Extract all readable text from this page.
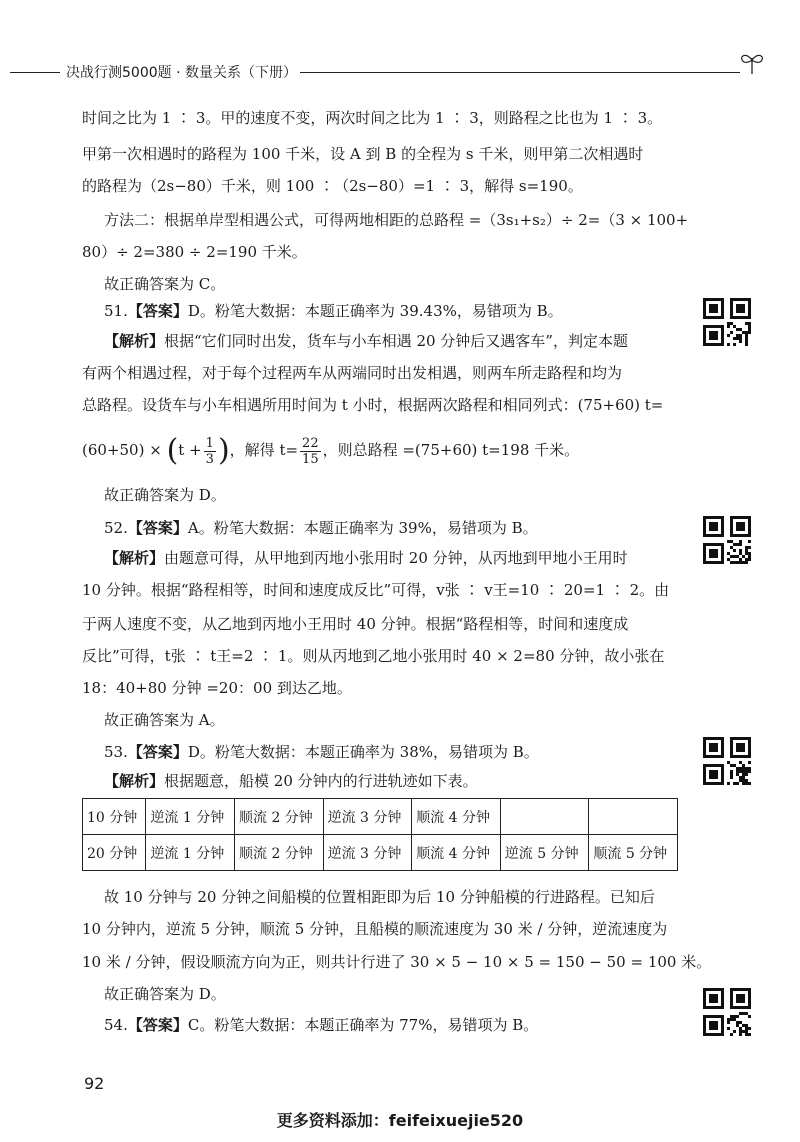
决战行测5000题 · 数量关系（下册）
时间之比为 1 ∶ 3。甲的速度不变，两次时间之比为 1 ∶ 3，则路程之比也为 1 ∶ 3。
甲第一次相遇时的路程为 100 千米，设 A 到 B 的全程为 s 千米，则甲第二次相遇时
的路程为（2s−80）千米，则 100 ∶（2s−80）=1 ∶ 3，解得 s=190。
方法二：根据单岸型相遇公式，可得两地相距的总路程 =（3s₁+s₂）÷ 2=（3 × 100+
80）÷ 2=380 ÷ 2=190 千米。
故正确答案为 C。
51.【答案】D。粉笔大数据：本题正确率为 39.43%，易错项为 B。
【解析】根据“它们同时出发，货车与小车相遇 20 分钟后又遇客车”，判定本题
有两个相遇过程，对于每个过程两车从两端同时出发相遇，则两车所走路程和均为
总路程。设货车与小车相遇所用时间为 t 小时，根据两次路程和相同列式：(75+60) t=
$(60+50) \times (t + \frac{1}{3}$ )，解得 $t= \frac{22}{15}$ ，则总路程 =(75+60) t=198 千米。
故正确答案为 D。
52.【答案】A。粉笔大数据：本题正确率为 39%，易错项为 B。
【解析】由题意可得，从甲地到丙地小张用时 20 分钟，从丙地到甲地小王用时
10 分钟。根据“路程相等，时间和速度成反比”可得，v张 ∶ v王=10 ∶ 20=1 ∶ 2。由
于两人速度不变，从乙地到丙地小王用时 40 分钟。根据“路程相等，时间和速度成
反比”可得，t张 ∶ t王=2 ∶ 1。则从丙地到乙地小张用时 40 × 2=80 分钟，故小张在
18：40+80 分钟 =20：00 到达乙地。
故正确答案为 A。
53.【答案】D。粉笔大数据：本题正确率为 38%，易错项为 B。
【解析】根据题意，船模 20 分钟内的行进轨迹如下表。
10 分钟	逆流 1 分钟	顺流 2 分钟	逆流 3 分钟	顺流 4 分钟		
20 分钟	逆流 1 分钟	顺流 2 分钟	逆流 3 分钟	顺流 4 分钟	逆流 5 分钟	顺流 5 分钟
故 10 分钟与 20 分钟之间船模的位置相距即为后 10 分钟船模的行进路程。已知后
10 分钟内，逆流 5 分钟，顺流 5 分钟，且船模的顺流速度为 30 米 / 分钟，逆流速度为
10 米 / 分钟，假设顺流方向为正，则共计行进了 30 × 5 − 10 × 5 = 150 − 50 = 100 米。
故正确答案为 D。
54.【答案】C。粉笔大数据：本题正确率为 77%，易错项为 B。
92
更多资料添加：feifeixuejie520
